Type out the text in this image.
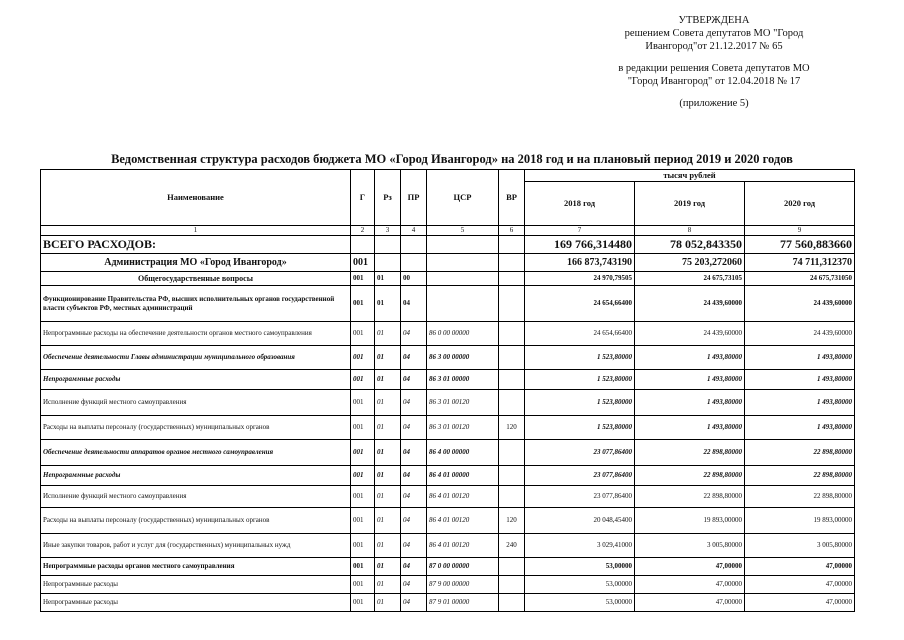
УТВЕРЖДЕНА
решением Совета депутатов МО "Город
Ивангород"от 21.12.2017 № 65
в редакции решения Совета депутатов МО
"Город Ивангород" от 12.04.2018 № 17
(приложение 5)
Ведомственная структура расходов бюджета МО «Город Ивангород» на 2018 год и на плановый период 2019 и 2020 годов
Наименование	Г	Рз	ПР	ЦСР	ВР	тысяч рублей		
						2018 год	2019 год	2020 год
1	2	3	4	5	6	7	8	9
ВСЕГО РАСХОДОВ:						169 766,314480	78 052,843350	77 560,883660
Администрация МО «Город Ивангород»	001					166 873,743190	75 203,272060	74 711,312370
Общегосударственные вопросы	001	01	00			24 970,79505	24 675,73105	24 675,731050
Функционирование Правительства РФ, высших исполнительных органов государственной власти субъектов РФ, местных администраций	001	01	04			24 654,66400	24 439,60000	24 439,60000
Непрограммные расходы на обеспечение деятельности органов местного самоуправления	001	01	04	86 0 00 00000		24 654,66400	24 439,60000	24 439,60000
Обеспечение деятельности Главы администрации муниципального образования	001	01	04	86 3 00 00000		1 523,80000	1 493,80000	1 493,80000
Непрограммные расходы	001	01	04	86 3 01 00000		1 523,80000	1 493,80000	1 493,80000
Исполнение функций местного самоуправления	001	01	04	86 3 01 00120		1 523,80000	1 493,80000	1 493,80000
Расходы на выплаты персоналу (государственных) муниципальных органов	001	01	04	86 3 01 00120	120	1 523,80000	1 493,80000	1 493,80000
Обеспечение деятельности аппаратов органов местного самоуправления	001	01	04	86 4 00 00000		23 077,86400	22 898,80000	22 898,80000
Непрограммные расходы	001	01	04	86 4 01 00000		23 077,86400	22 898,80000	22 898,80000
Исполнение функций местного самоуправления	001	01	04	86 4 01 00120		23 077,86400	22 898,80000	22 898,80000
Расходы на выплаты персоналу (государственных) муниципальных органов	001	01	04	86 4 01 00120	120	20 048,45400	19 893,00000	19 893,00000
Иные закупки товаров, работ и услуг для (государственных) муниципальных нужд	001	01	04	86 4 01 00120	240	3 029,41000	3 005,80000	3 005,80000
Непрограммные расходы органов местного самоуправления	001	01	04	87 0 00 00000		53,00000	47,00000	47,00000
Непрограммные расходы	001	01	04	87 9 00 00000		53,00000	47,00000	47,00000
Непрограммные расходы	001	01	04	87 9 01 00000		53,00000	47,00000	47,00000
